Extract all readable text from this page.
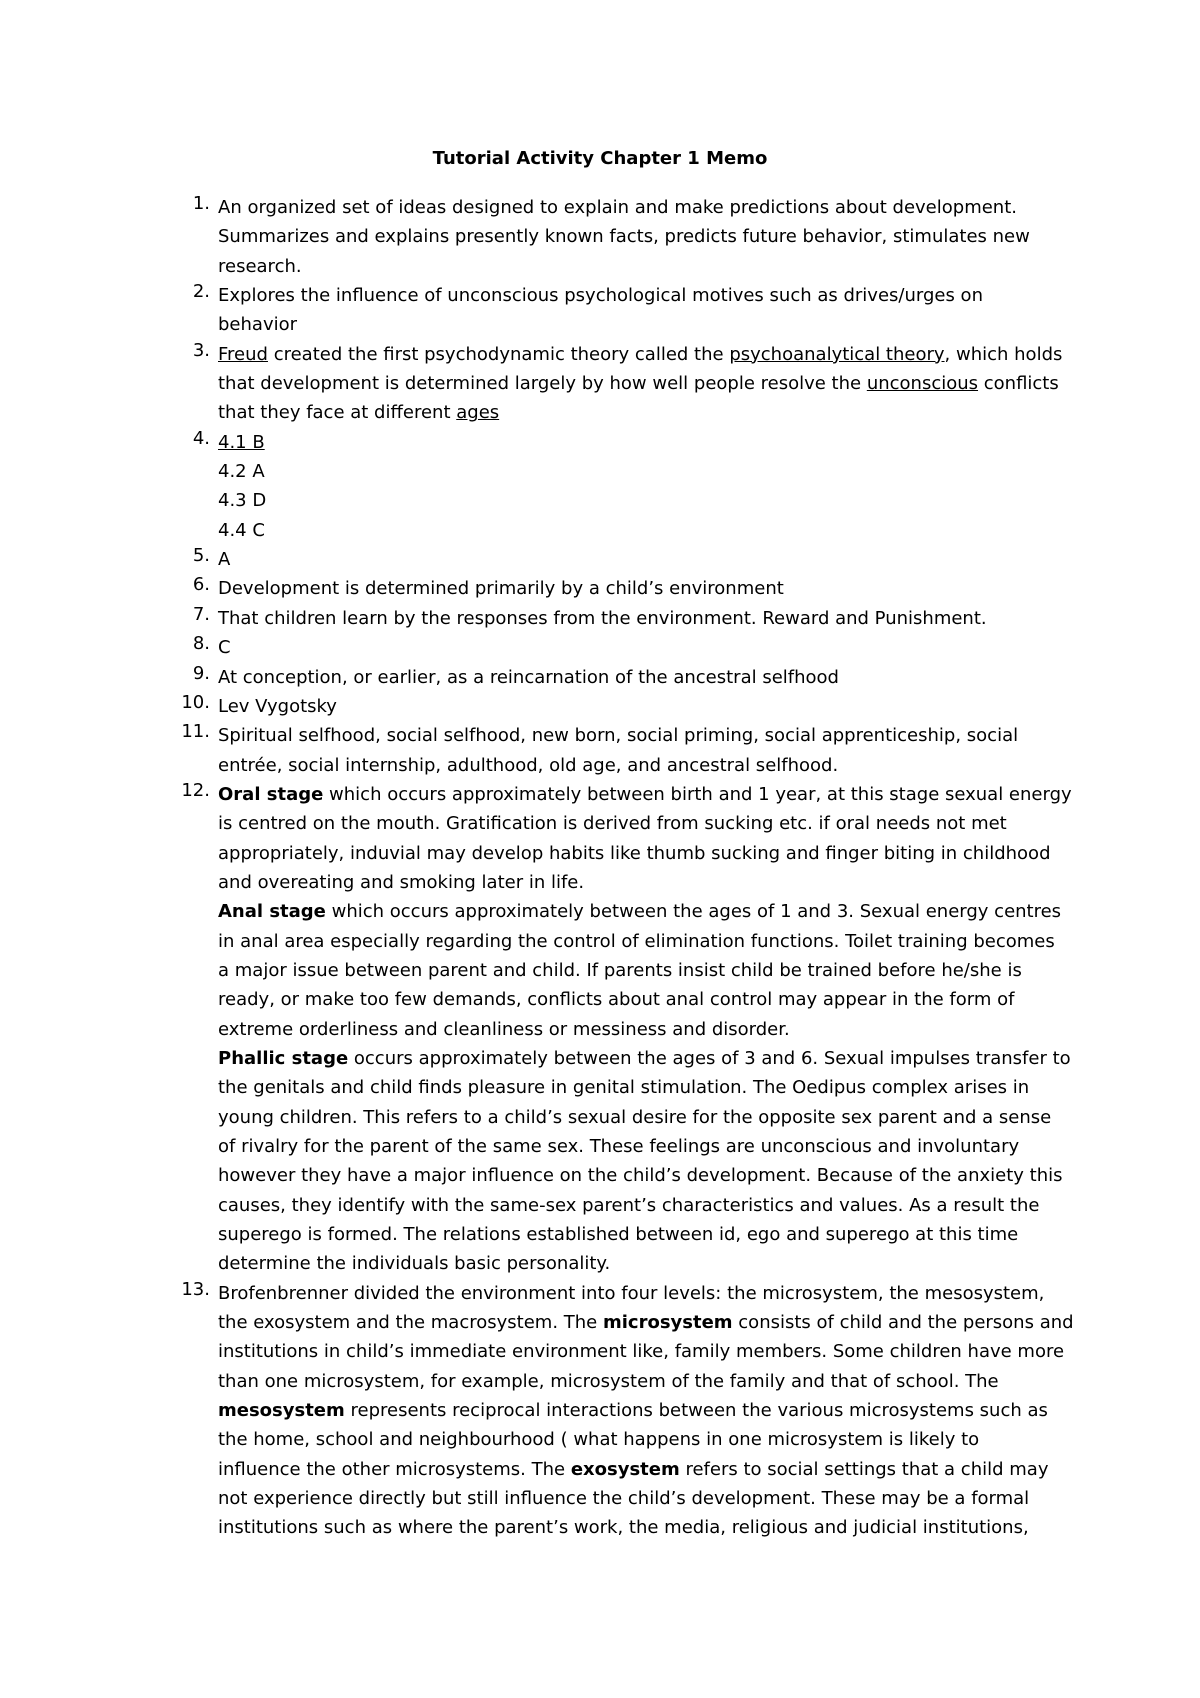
Tutorial Activity Chapter 1 Memo
1. An organized set of ideas designed to explain and make predictions about development.
Summarizes and explains presently known facts, predicts future behavior, stimulates new
research.
2. Explores the influence of unconscious psychological motives such as drives/urges on
behavior
3. Freud created the first psychodynamic theory called the psychoanalytical theory, which holds
that development is determined largely by how well people resolve the unconscious conflicts
that they face at different ages
4. 4.1 B
4.2 A
4.3 D
4.4 C
5. A
6. Development is determined primarily by a child’s environment
7. That children learn by the responses from the environment. Reward and Punishment.
8. C
9. At conception, or earlier, as a reincarnation of the ancestral selfhood
10. Lev Vygotsky
11. Spiritual selfhood, social selfhood, new born, social priming, social apprenticeship, social
entrée, social internship, adulthood, old age, and ancestral selfhood.
12. Oral stage which occurs approximately between birth and 1 year, at this stage sexual energy
is centred on the mouth. Gratification is derived from sucking etc. if oral needs not met
appropriately, induvial may develop habits like thumb sucking and finger biting in childhood
and overeating and smoking later in life.
Anal stage which occurs approximately between the ages of 1 and 3. Sexual energy centres
in anal area especially regarding the control of elimination functions. Toilet training becomes
a major issue between parent and child. If parents insist child be trained before he/she is
ready, or make too few demands, conflicts about anal control may appear in the form of
extreme orderliness and cleanliness or messiness and disorder.
Phallic stage occurs approximately between the ages of 3 and 6. Sexual impulses transfer to
the genitals and child finds pleasure in genital stimulation. The Oedipus complex arises in
young children. This refers to a child’s sexual desire for the opposite sex parent and a sense
of rivalry for the parent of the same sex. These feelings are unconscious and involuntary
however they have a major influence on the child’s development. Because of the anxiety this
causes, they identify with the same-sex parent’s characteristics and values. As a result the
superego is formed. The relations established between id, ego and superego at this time
determine the individuals basic personality.
13. Brofenbrenner divided the environment into four levels: the microsystem, the mesosystem,
the exosystem and the macrosystem. The microsystem consists of child and the persons and
institutions in child’s immediate environment like, family members. Some children have more
than one microsystem, for example, microsystem of the family and that of school. The
mesosystem represents reciprocal interactions between the various microsystems such as
the home, school and neighbourhood ( what happens in one microsystem is likely to
influence the other microsystems. The exosystem refers to social settings that a child may
not experience directly but still influence the child’s development. These may be a formal
institutions such as where the parent’s work, the media, religious and judicial institutions,
